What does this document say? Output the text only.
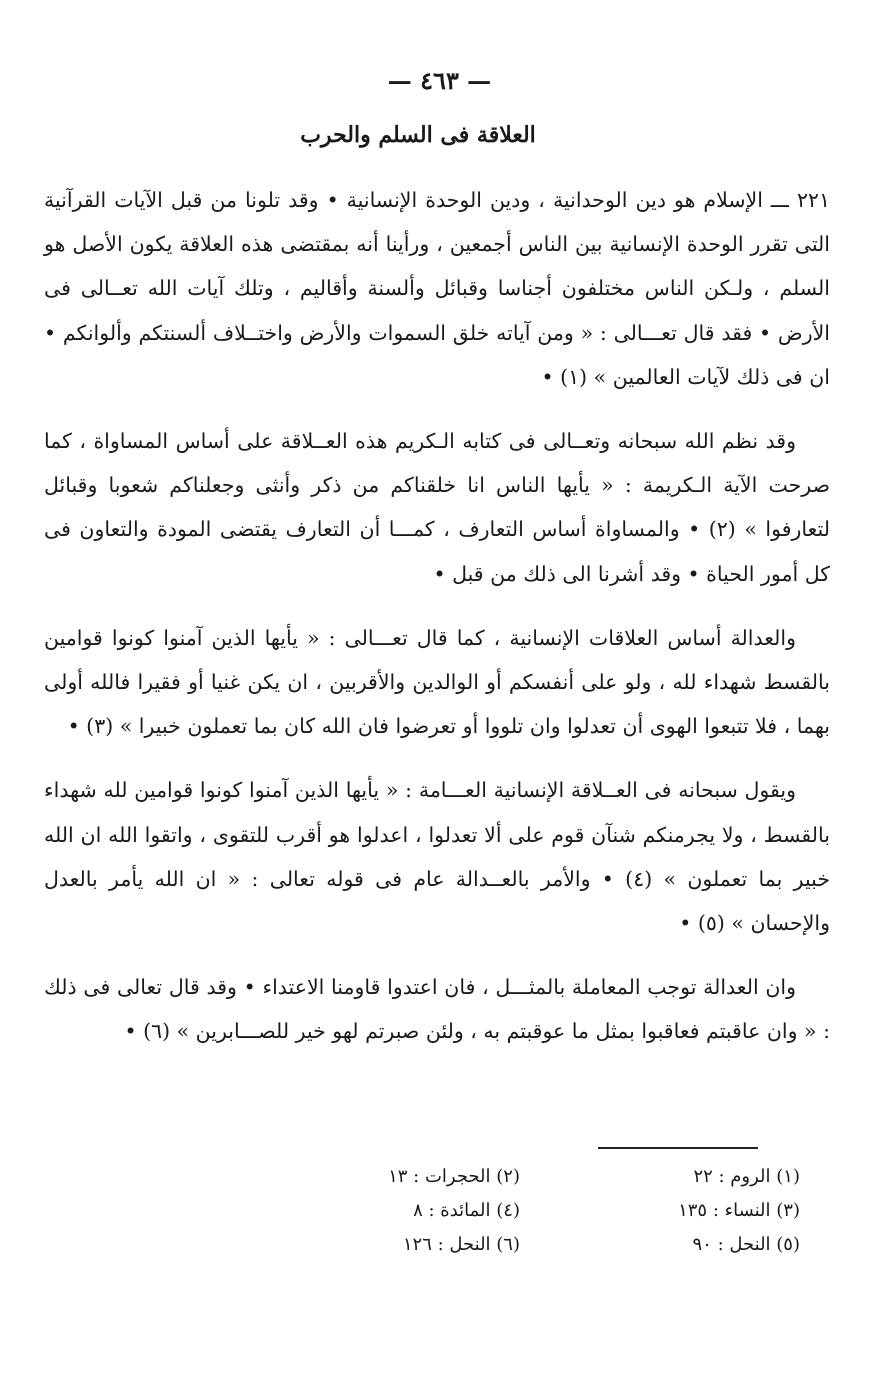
— ٤٦٣ —
العلاقة فى السلم والحرب

٢٢١ ـــ الإسلام هو دين الوحدانية ، ودين الوحدة الإنسانية • وقد تلونا من قبل الآيات القرآنية التى تقرر الوحدة الإنسانية بين الناس أجمعين ، ورأينا أنه بمقتضى هذه العلاقة يكون الأصل هو السلم ، ولـكن الناس مختلفون أجناسا وقبائل وألسنة وأقاليم ، وتلك آيات الله تعــالى فى الأرض • فقد قال تعـــالى : « ومن آياته خلق السموات والأرض واختــلاف ألسنتكم وألوانكم • ان فى ذلك لآيات العالمين » (١) •

وقد نظم الله سبحانه وتعــالى فى كتابه الـكريم هذه العــلاقة على أساس المساواة ، كما صرحت الآية الـكريمة : « يأيها الناس انا خلقناكم من ذكر وأنثى وجعلناكم شعوبا وقبائل لتعارفوا » (٢) • والمساواة أساس التعارف ، كمـــا أن التعارف يقتضى المودة والتعاون فى كل أمور الحياة • وقد أشرنا الى ذلك من قبل •

والعدالة أساس العلاقات الإنسانية ، كما قال تعـــالى : « يأيها الذين آمنوا كونوا قوامين بالقسط شهداء لله ، ولو على أنفسكم أو الوالدين والأقربين ، ان يكن غنيا أو فقيرا فالله أولى بهما ، فلا تتبعوا الهوى أن تعدلوا وان تلووا أو تعرضوا فان الله كان بما تعملون خبيرا » (٣) •

ويقول سبحانه فى العــلاقة الإنسانية العـــامة : « يأيها الذين آمنوا كونوا قوامين لله شهداء بالقسط ، ولا يجرمنكم شنآن قوم على ألا تعدلوا ، اعدلوا هو أقرب للتقوى ، واتقوا الله ان الله خبير بما تعملون » (٤) • والأمر بالعــدالة عام فى قوله تعالى : « ان الله يأمر بالعدل والإحسان » (٥) •

وان العدالة توجب المعاملة بالمثـــل ، فان اعتدوا قاومنا الاعتداء • وقد قال تعالى فى ذلك : « وان عاقبتم فعاقبوا بمثل ما عوقبتم به ، ولئن صبرتم لهو خير للصـــابرين » (٦) •

(١) الروم : ٢٢
(٢) الحجرات : ١٣
(٣) النساء : ١٣٥
(٤) المائدة : ٨
(٥) النحل : ٩٠
(٦) النحل : ١٢٦
